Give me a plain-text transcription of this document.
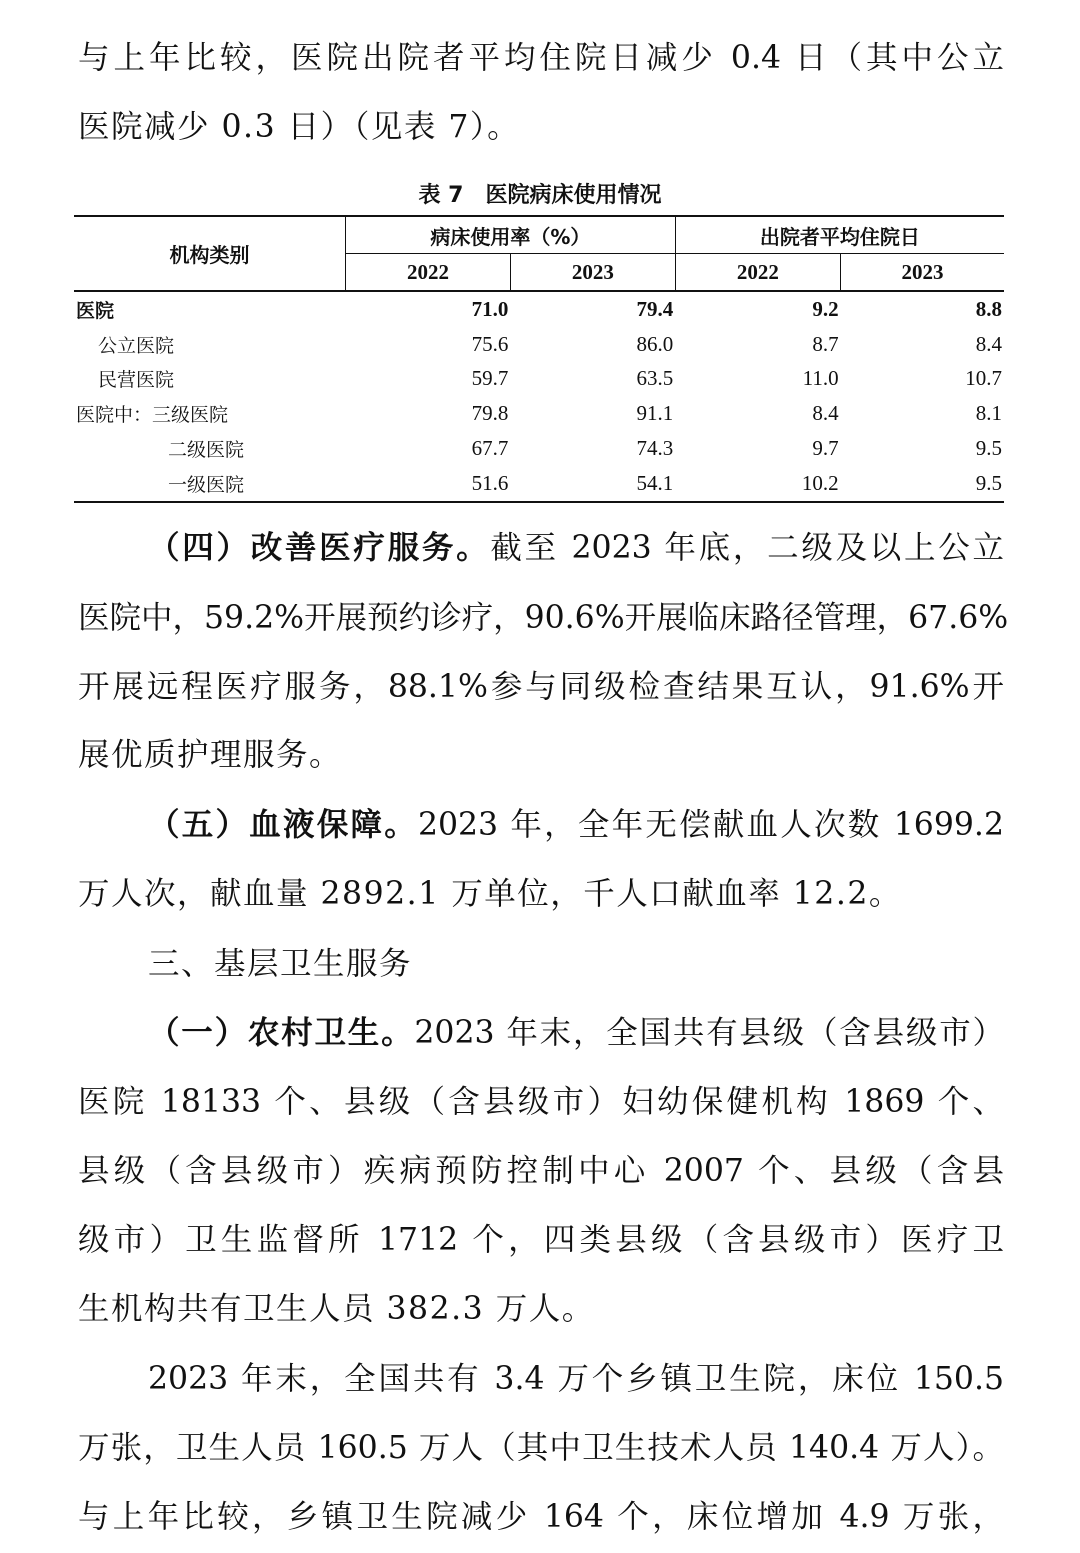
与上年比较，医院出院者平均住院日减少 0.4 日（其中公立

医院减少 0.3 日）（见表 7）。

表 7　医院病床使用情况
机构类别	病床使用率（%）		出院者平均住院日	
	2022	2023	2022	2023
医院	71.0	79.4	9.2	8.8
公立医院	75.6	86.0	8.7	8.4
民营医院	59.7	63.5	11.0	10.7
医院中：三级医院	79.8	91.1	8.4	8.1
二级医院	67.7	74.3	9.7	9.5
一级医院	51.6	54.1	10.2	9.5

（四）改善医疗服务。截至 2023 年底，二级及以上公立

医院中，59.2%开展预约诊疗，90.6%开展临床路径管理，67.6%

开展远程医疗服务，88.1%参与同级检查结果互认，91.6%开

展优质护理服务。

（五）血液保障。2023 年，全年无偿献血人次数 1699.2

万人次，献血量 2892.1 万单位，千人口献血率 12.2。

三、基层卫生服务

（一）农村卫生。2023 年末，全国共有县级（含县级市）

医院 18133 个、县级（含县级市）妇幼保健机构 1869 个、

县级（含县级市）疾病预防控制中心 2007 个、县级（含县

级市）卫生监督所 1712 个，四类县级（含县级市）医疗卫

生机构共有卫生人员 382.3 万人。

2023 年末，全国共有 3.4 万个乡镇卫生院，床位 150.5

万张，卫生人员 160.5 万人（其中卫生技术人员 140.4 万人）。

与上年比较，乡镇卫生院减少 164 个，床位增加 4.9 万张，
